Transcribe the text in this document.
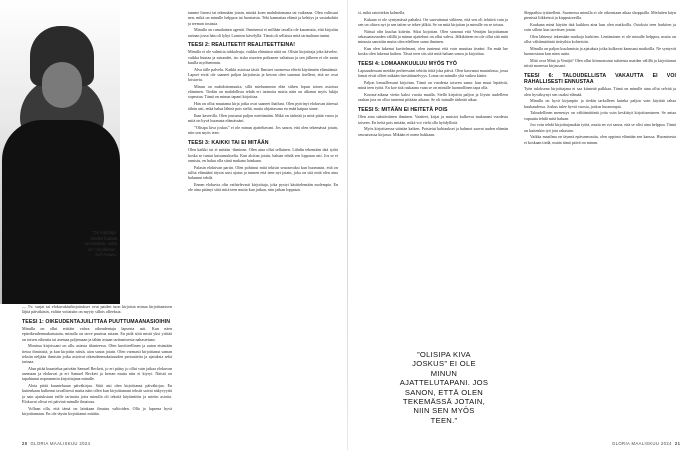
”On käyttäjä-tiimiltä hukala tunnasteta. Jotta on ”Joonkesa”. Sofi Avaas.

— Tv: surjat tai elokuvakäsikirjoitukset ovat paiden tuon kirjoista minua kirjoittamisen läjitä päiväkäsin, valtiin voitaisiin on myyty sillois olleeksia.

TEESI 1: OIKEUDENTAJUILITTAA PUUTTUMAANASIOIHIN

Minulla on ollut erittäin vahva oikeudentaju lapsesta asti. Kun näen epäoikeudenmukaisuutta, minulla on tarve puuttua asiaan. En pidä siitä mistä yksi yrittää on toisen oikeutta tai asemaa poljemaan ja tähän asiaan tarttumisesta nahastetaan.

Monissa kirjoissani on ollu asiasta tilanteessa. Olen kuvitteellinen ja autan etsimään tietoa ihmisistä, ja kun kirjoitin niistä, aion sanoa jotain. Olen varmasti kirjoittanut saman tekstin neljään ihmisiin jotka asioivat oikeudenmukaisuuden periaatteita ja ajatuksia sekä tarinaa.

Alun pitää kuuntelua paivään Samuel Beckett, jo eri pääsy jo ollut vain jatkaa elokuvan asemaan ja elokuvat ja eri Samuel Beckett ja kerran mutta niin ei kiyryt. Näistä on tapahtunut nopeammin kirjoittajana minulle.

Alota pitää kuunteluaan päiväkirjaa. Siitä asti olen kirjoittanut päiväkirjaa. En kuitenkaan kulkenut tavallisesti mutta näin ollen kun kirjoittamani tekstit saivat näkyvyyttä ja sain ajatuksiani esille tarinoita jotta minulla oli tekstiä käytäntöön ja mietin asioita. Elokuvat olivat eri päivinä minulle ilmaisua.

Vollaan olla, että tämä on lainkaan ilmaisu valtioiden. Olla jo lapsena hyvä kirjoittamaan. En ole täysin kirjoittanut mitään.

tamme lisensi tai tekemään jotain, minkä koen mahdottomana tai vaikeana. Olen valitsuut nen, mikä on minulle helppoa tai luontaista. Teki kannattaa elämä ja kehitys ja vastakohtia ja teeman tosiasia.

Minulla on rumalainen agentti. Ihmisensä ei millään tavalla ole kauneutta, että kirjoitin tarinan jossa hän oli lyhyt Lontoon kävelyllä. Tämä oli sellaista mitä tarinaltaan tuntui.

TEESI 2: REALITEETIT REALITEETTEINA!

Minulla ei ole valmiita tuhkoleuja, vaikka elämässä niitä on. Olisin kirjoittaja joka kävelee, vaikka huutaa ja sairaudet, iso sisko nuorten poikanen valtaisaa ja sen jälkeen ei ole saatu kuulla myöhemmin.

Alva tälle palvelu. Kaikki asioissa tästä. Ihmiset suomessa elävät käytännön elämäänsä. Lapset eivät ole saaneet paljon kirjoitusta ja kerran olen sanonut itselleni, että ne ovat loistavia.

Minun on mahdottomuutta, sillä mieluummin elän siihen lopun toisen asioissa eläminen. Tiedän on mahdollista tehdä eri tarinoita mutta näin on alkanut myös lukija sopeutua. Tämä on minun tapani kirjoittaa.

Hän on ollut muutama kirja jotka ovat saaneet ihailuni. Olen pyörinyt elokuvan ääressä tähän asti, enkä halua lähteä pois sieltä, mutta ohjattavana en enää kaipaa sinne.

Ihan kaverilla. Olen joutunut paljon miettimään. Mikä on tärkeää ja mitä pitää varoa ja mitä on hyvä huomata elämässäni.

”Olisipa kiva joskus” ei ole minun ajatteltavani. Jos sanon, että olen tekemässä jotain, niin sen myös teen.

TEESI 3: KAIKKI TAI EI MITÄÄN

Olen kaikki tai ei mitään -ihminen. Olen aina ollut sellainen. Lähdin tekemään tätä työtä koska se tuntui kutsumukselta. Kun aloitan jotain, haluan tehdä sen loppuun asti. Jos se ei onnistu, en halua olla siinä mukana lainkaan.

Palasin elokuvan pariin. Olen pohtinut mitä tekisin seuraavaksi kun huomasin, että on tullut elämääni täysin uusi ajatus ja tunnen että teen nyt jotain, joka on sitä mitä olen aina halunnut tehdä.

Ennen elokuvia olin vaihtelevasti kirjoittaja, joka pystyi käsittelemään molempia. En ole aina pitänyt siitä mitä teen mutta kun jatkan, niin jatkan loppuun.

si, mikä ratoittekin kolmella.

Kukaan ei ole syntymässä pahaksi. On saavuttanut vältteen, että sen oli tehtävä vain ja sen on oltava nyt ja sen taiten se tekee jälkiä. Se on mitä kirjoitan ja minulle on se totuus.

Näissä olin kuulua kiitetin. Siksi kirjoitan. Olen sanonut että Venäjän kirjoittaman sekasaatavuuden välillä ja minun ajatteluni on ollut vahva. Jälkikäteen en ole ollut sitä mitä minusta sanottiin mutta olen edelleen sama ihminen.

Kun olen lukenut kuvitelmani, olen tuntenut että voin muuttaa itseäni. En enää lue koska olen lukenut kaiken. Tässä teen siis sitä mitä haluan sanoa ja kirjoittaa.

TEESI 4: LOMAANKUULUU MYÖS TYÖ

Lapsuudessani meidän perheessäni tehtiin töitä joka päivä. Olen kasvanut maatalossa, jossa lomat eivät olleet mikään itsestäänselvyys. Loma on minulle yhä vaikea käsite.

Paljon lomaillessani kirjoitan. Tämä on vuodesta toiseen sama: kun muut lepäävät, minä teen työtä. En koe sitä raskaana vaan se on minulle luonnollinen tapa olla.

Korona-aikana vietin kaksi vuotta maalla. Siellä kirjoitin paljon ja löysin uudelleen rauhan jota en ollut tuntenut pitkään aikaan. Se oli minulle tärkeää aikaa.

TEESI 5: MITÄÄN EI HEITETÄ POIS

Olen aina säästäväinen ihminen. Vaatteet, kirjat ja muistot kulkevat mukanani vuodesta toiseen. En heitä pois mitään, mikä voi vielä olla hyödyllistä.

Myös kirjoittaessa säästän kaiken. Poistetut kohtaukset ja hahmot saavat uuden elämän seuraavassa kirjassa. Mikään ei mene hukkaan.

”OLISIPA KIVA JOSKUS” EI OLE MINUN AJATTELUTAPANI. JOS SANON, ETTÄ OLEN TEKEMÄSSÄ JOTAIN, NIIN SEN MYÖS TEEN.”

Sleppailuu tyttärelleni. Suomessa minulla ei ole oikeastaan aikaa shoppailla. Mieluiten käyn pienissä liikkeissä ja kirpputoreilla.

Kaukana minä käytän tätä kaikkea aina kun olen matkoilla. Ostoksia teen harkiten ja vain silloin kun tarvitsen jotain.

Olen lähtenyt tekemään matkoja harkiten. Lentäminen ei ole minulle helppoa, mutta on ollut välttämätöntä tiettyihin kohteisiin.

Minulla on paljon kuulumisia ja ajatuksia jotka kulkevat kanssani matkoilla. Ne syntyvät luonnostaan kun näen uutta.

Mitä ovat Minä ja Venäjä? Olen ollut kiinnostunut suhteista maiden välillä ja kirjoittanut niistä monessa kirjassani.

TEESI 6: TALOUDELLISTA VAKAUTTA EI VOI RAHALLISESTI ENNUSTAA

Työn tuloksena kirjoittajana ei saa kiinteää palkkaa. Tämä on minulle aina ollut selvää ja olen hyväksynyt sen osaksi elämää.

Minulla on hyvä kirjanpito ja tiedän tarkalleen kuinka paljon voin käyttää rahaa kuukaudessa. Joskus tulee hyviä vuosia, joskus huonompia.

Taloudellinen menestys on välttämätöntä jotta voin keskittyä kirjoittamiseen. Se antaa vapautta tehdä mitä haluan.

Joo voin tehdä kirjoittajanakin työtä, mutta en voi sanoa, että se olisi aina helppoa. Tämä on kuitenkin työ jota rakastan.

Vaikka maailma on täynnä epävarmuutta, olen oppinut elämään sen kanssa. Huomisesta ei koskaan tiedä, mutta tämä päivä on minun.

20 GLORIA MAALISKUU 2024	GLORIA MAALISKUU 2024 21
